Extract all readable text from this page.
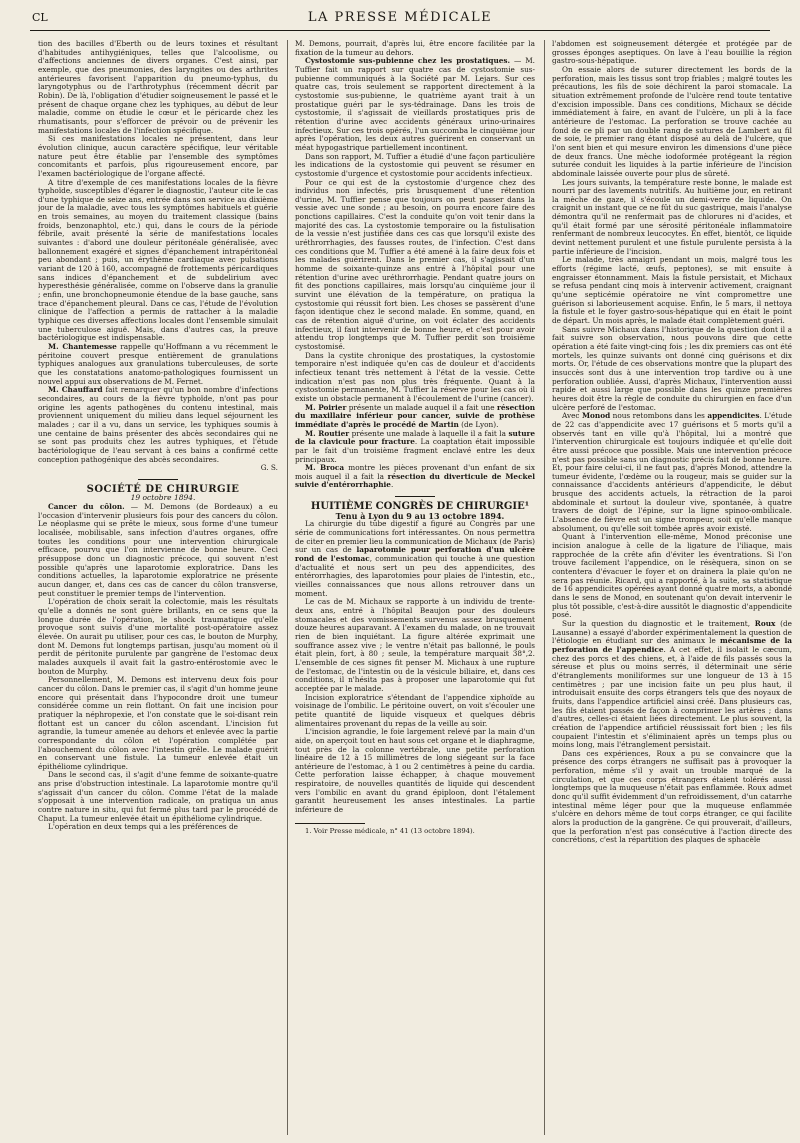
CL	LA PRESSE MÉDICALE

tion des bacilles d'Eberth ou de leurs toxines et résultant d'habitudes antihygiéniques, telles que l'alcoolisme, ou d'affections anciennes de divers organes. C'est ainsi, par exemple, que des pneumonies, des laryngites ou des arthrites antérieures favorisent l'apparition du pneumo-typhus, du laryngotyphus ou de l'arthrotyphus (récemment décrit par Robin). De là, l'obligation d'étudier soigneusement le passé et le présent de chaque organe chez les typhiques, au début de leur maladie, comme on étudie le cœur et le péricarde chez les rhumatisants, pour s'efforcer de prévoir ou de prévenir les manifestations locales de l'infection spécifique.

Si ces manifestations locales ne présentent, dans leur évolution clinique, aucun caractère spécifique, leur véritable nature peut être établie par l'ensemble des symptômes concomitants et parfois, plus rigoureusement encore, par l'examen bactériologique de l'organe affecté.

A titre d'exemple de ces manifestations locales de la fièvre typhoïde, susceptibles d'égarer le diagnostic, l'auteur cite le cas d'une typhique de seize ans, entrée dans son service au dixième jour de la maladie, avec tous les symptômes habituels et guérie en trois semaines, au moyen du traitement classique (bains froids, benzonaphtol, etc.) qui, dans le cours de la période fébrile, avait présenté la série de manifestations locales suivantes : d'abord une douleur péritonéale généralisée, avec ballonnement exagéré et signes d'épanchement intrapéritonéal peu abondant ; puis, un érythème cardiaque avec pulsations variant de 120 à 160, accompagné de frottements péricardiques sans indices d'épanchement et de subdelirium avec hyperesthésie généralisée, comme on l'observe dans la granulie ; enfin, une bronchopneumonie étendue de la base gauche, sans trace d'épanchement pleural. Dans ce cas, l'étude de l'évolution clinique de l'affection a permis de rattacher à la maladie typhique ces diverses affections locales dont l'ensemble simulait une tuberculose aiguë. Mais, dans d'autres cas, la preuve bactériologique est indispensable.

M. Chantemesse rappelle qu'Hoffmann a vu récemment le péritoine couvert presque entièrement de granulations typhiques analogues aux granulations tuberculeuses, de sorte que les constatations anatomo-pathologiques fournissent un nouvel appui aux observations de M. Fernet.

M. Chauffard fait remarquer qu'un bon nombre d'infections secondaires, au cours de la fièvre typhoïde, n'ont pas pour origine les agents pathogènes du contenu intestinal, mais proviennent uniquement du milieu dans lequel séjournent les malades ; car il a vu, dans un service, les typhiques soumis à une centaine de bains présenter des abcès secondaires qui ne se sont pas produits chez les autres typhiques, et l'étude bactériologique de l'eau servant à ces bains a confirmé cette conception pathogénique des abcès secondaires.

G. S.

SOCIÉTÉ DE CHIRURGIE

19 octobre 1894.

Cancer du côlon. — M. Demons (de Bordeaux) a eu l'occasion d'intervenir plusieurs fois pour des cancers du côlon. Le néoplasme qui se prête le mieux, sous forme d'une tumeur localisée, mobilisable, sans infection d'autres organes, offre toutes les conditions pour une intervention chirurgicale efficace, pourvu que l'on intervienne de bonne heure. Ceci présuppose donc un diagnostic précoce, qui souvent n'est possible qu'après une laparotomie exploratrice. Dans les conditions actuelles, la laparotomie exploratrice ne présente aucun danger, et, dans ces cas de cancer du côlon transverse, peut constituer le premier temps de l'intervention.

L'opération de choix serait la colectomie, mais les résultats qu'elle a donnés ne sont guère brillants, en ce sens que la longue durée de l'opération, le shock traumatique qu'elle provoque sont suivis d'une mortalité post-opératoire assez élevée. On aurait pu utiliser, pour ces cas, le bouton de Murphy, dont M. Demons fut longtemps partisan, jusqu'au moment où il perdit de péritonite purulente par gangrène de l'estomac deux malades auxquels il avait fait la gastro-entérostomie avec le bouton de Murphy.

Personnellement, M. Demons est intervenu deux fois pour cancer du côlon. Dans le premier cas, il s'agit d'un homme jeune encore qui présentait dans l'hypocondre droit une tumeur considérée comme un rein flottant. On fait une incision pour pratiquer la néphropexie, et l'on constate que le soi-disant rein flottant est un cancer du côlon ascendant. L'incision fut agrandie, la tumeur amenée au dehors et enlevée avec la partie correspondante du côlon et l'opération complétée par l'abouchement du côlon avec l'intestin grêle. Le malade guérit en conservant une fistule. La tumeur enlevée était un épithéliome cylindrique.

Dans le second cas, il s'agit d'une femme de soixante-quatre ans prise d'obstruction intestinale. La laparotomie montre qu'il s'agissait d'un cancer du côlon. Comme l'état de la malade s'opposait à une intervention radicale, on pratiqua un anus contre nature in situ, qui fut fermé plus tard par le procédé de Chaput. La tumeur enlevée était un épithéliome cylindrique.

L'opération en deux temps qui a les préférences de

M. Demons, pourrait, d'après lui, être encore facilitée par la fixation de la tumeur au dehors.

Cystostomie sus-pubienne chez les prostatiques. — M. Tuffier fait un rapport sur quatre cas de cystostomie sus-pubienne communiqués à la Société par M. Lejars. Sur ces quatre cas, trois seulement se rapportent directement à la cystostomie sus-pubienne, le quatrième ayant trait à un prostatique guéri par le sys-tédrainage. Dans les trois de cystostomie, il s'agissait de vieillards prostatiques pris de rétention d'urine avec accidents généraux urino-urinaires infectieux. Sur ces trois opérés, l'un succomba le cinquième jour après l'opération, les deux autres guérirent en conservant un méat hypogastrique partiellement incontinent.

Dans son rapport, M. Tuffier a étudié d'une façon particulière les indications de la cystostomie qui peuvent se résumer en cystostomie d'urgence et cystostomie pour accidents infectieux.

Pour ce qui est de la cystostomie d'urgence chez des individus non infectés, pris brusquement d'une rétention d'urine, M. Tuffier pense que toujours on peut passer dans la vessie avec une sonde ; au besoin, on pourra encore faire des ponctions capillaires. C'est la conduite qu'on voit tenir dans la majorité des cas. La cystostomie temporaire ou la fistulisation de la vessie n'est justifiée dans ces cas que lorsqu'il existe des uréthrorrhagies, des fausses routes, de l'infection. C'est dans ces conditions que M. Tuffier a été amené à la faire deux fois et les malades guérirent. Dans le premier cas, il s'agissait d'un homme de soixante-quinze ans entré à l'hôpital pour une rétention d'urine avec uréthrorrhagie. Pendant quatre jours on fit des ponctions capillaires, mais lorsqu'au cinquième jour il survint une élévation de la température, on pratiqua la cystostomie qui réussit fort bien. Les choses se passèrent d'une façon identique chez le second malade. En somme, quand, en cas de rétention aiguë d'urine, on voit éclater des accidents infectieux, il faut intervenir de bonne heure, et c'est pour avoir attendu trop longtemps que M. Tuffier perdit son troisième cystostomisé.

Dans la cystite chronique des prostatiques, la cystostomie temporaire n'est indiquée qu'en cas de douleur et d'accidents infectieux tenant très nettement à l'état de la vessie. Cette indication n'est pas non plus très fréquente. Quant à la cystostomie permanente, M. Tuffier la réserve pour les cas où il existe un obstacle permanent à l'écoulement de l'urine (cancer).

M. Poirier présente un malade auquel il a fait une résection du maxillaire inférieur pour cancer, suivie de prothèse immédiate d'après le procédé de Martin (de Lyon).

M. Routier présente une malade à laquelle il a fait la suture de la clavicule pour fracture. La coaptation était impossible par le fait d'un troisième fragment enclavé entre les deux principaux.

M. Broca montre les pièces provenant d'un enfant de six mois auquel il a fait la résection du diverticule de Meckel suivie d'entérorrhaphie.

HUITIÈME CONGRÈS DE CHIRURGIE¹

Tenu à Lyon du 9 au 13 octobre 1894.

La chirurgie du tube digestif a figuré au Congrès par une série de communications fort intéressantes. On nous permettra de citer en premier lieu la communication de Michaux (de Paris) sur un cas de laparotomie pour perforation d'un ulcère rond de l'estomac, communication qui touche à une question d'actualité et nous sert un peu des appendicites, des entérorrhagies, des laparotomies pour plaies de l'intestin, etc., vieilles connaissances que nous allons retrouver dans un moment.

Le cas de M. Michaux se rapporte à un individu de trente-deux ans, entré à l'hôpital Beaujon pour des douleurs stomacales et des vomissements survenus assez brusquement douze heures auparavant. A l'examen du malade, on ne trouvait rien de bien inquiétant. La figure altérée exprimait une souffrance assez vive ; le ventre n'était pas ballonné, le pouls était plein, fort, à 80 ; seule, la température marquait 38°,2. L'ensemble de ces signes fit penser M. Michaux à une rupture de l'estomac, de l'intestin ou de la vésicule biliaire, et, dans ces conditions, il n'hésita pas à proposer une laparotomie qui fut acceptée par le malade.

Incision exploratrice s'étendant de l'appendice xiphoïde au voisinage de l'ombilic. Le péritoine ouvert, on voit s'écouler une petite quantité de liquide visqueux et quelques débris alimentaires provenant du repas de la veille au soir.

L'incision agrandie, le foie largement relevé par la main d'un aide, on aperçoit tout en haut sous cet organe et le diaphragme, tout près de la colonne vertébrale, une petite perforation linéaire de 12 à 15 millimètres de long siégeant sur la face antérieure de l'estomac, à 1 ou 2 centimètres à peine du cardia. Cette perforation laisse échapper, à chaque mouvement respiratoire, de nouvelles quantités de liquide qui descendent vers l'ombilic en avant du grand épiploon, dont l'étalement garantit heureusement les anses intestinales. La partie inférieure de

1. Voir Presse médicale, n° 41 (13 octobre 1894).

l'abdomen est soigneusement détergée et protégée par de grosses éponges aseptiques. On lave à l'eau bouillie la région gastro-sous-hépatique.

On essaie alors de suturer directement les bords de la perforation, mais les tissus sont trop friables ; malgré toutes les précautions, les fils de soie déchirent la paroi stomacale. La situation extrêmement profonde de l'ulcère rend toute tentative d'excision impossible. Dans ces conditions, Michaux se décide immédiatement à faire, en avant de l'ulcère, un pli à la face antérieure de l'estomac. La perforation se trouve cachée au fond de ce pli par un double rang de sutures de Lambert au fil de soie, le premier rang étant disposé au delà de l'ulcère, que l'on sent bien et qui mesure environ les dimensions d'une pièce de deux francs. Une mèche iodoformée protégeant la région suturée conduit les liquides à la partie inférieure de l'incision abdominale laissée ouverte pour plus de sûreté.

Les jours suivants, la température reste bonne, le malade est nourri par des lavements nutritifs. Au huitième jour, en retirant la mèche de gaze, il s'écoule un demi-verre de liquide. On craignit un instant que ce ne fût du suc gastrique, mais l'analyse démontra qu'il ne renfermait pas de chlorures ni d'acides, et qu'il était formé par une sérosité péritonéale inflammatoire renfermant de nombreux leucocytes. En effet, bientôt, ce liquide devint nettement purulent et une fistule purulente persista à la partie inférieure de l'incision.

Le malade, très amaigri pendant un mois, malgré tous les efforts (régime lacté, œufs, peptones), se mit ensuite à engraisser étonnamment. Mais la fistule persistait, et Michaux se refusa pendant cinq mois à intervenir activement, craignant qu'une septicémie opératoire ne vînt compromettre une guérison si laborieusement acquise. Enfin, le 5 mars, il nettoya la fistule et le foyer gastro-sous-hépatique qui en était le point de départ. Un mois après, le malade était complètement guéri.

Sans suivre Michaux dans l'historique de la question dont il a fait suivre son observation, nous pouvons dire que cette opération a été faite vingt-cinq fois ; les dix premiers cas ont été mortels, les quinze suivants ont donné cinq guérisons et dix morts. Or, l'étude de ces observations montre que la plupart des insuccès sont dus à une intervention trop tardive ou à une perforation oubliée. Aussi, d'après Michaux, l'intervention aussi rapide et aussi large que possible dans les quinze premières heures doit être la règle de conduite du chirurgien en face d'un ulcère perforé de l'estomac.

Avec Monod nous retombons dans les appendicites. L'étude de 22 cas d'appendicite avec 17 guérisons et 5 morts qu'il a observés tant en ville qu'à l'hôpital, lui a montré que l'intervention chirurgicale est toujours indiquée et qu'elle doit être aussi précoce que possible. Mais une intervention précoce n'est pas possible sans un diagnostic précis fait de bonne heure. Et, pour faire celui-ci, il ne faut pas, d'après Monod, attendre la tumeur évidente, l'œdème ou la rougeur, mais se guider sur la connaissance d'accidents antérieurs d'appendicite, le début brusque des accidents actuels, la rétraction de la paroi abdominale et surtout la douleur vive, spontanée, à quatre travers de doigt de l'épine, sur la ligne spinoo-ombilicale. L'absence de fièvre est un signe trompeur, soit qu'elle manque absolument, ou qu'elle soit tombée après avoir existé.

Quant à l'intervention elle-même, Monod préconise une incision analogue à celle de la ligature de l'iliaque, mais rapprochée de la crête afin d'éviter les éventrations. Si l'on trouve facilement l'appendice, on le résèquera, sinon on se contentera d'évacuer le foyer et on drainera la plaie qu'on ne sera pas réunie. Ricard, qui a rapporté, à la suite, sa statistique de 16 appendicites opérées ayant donné quatre morts, a abondé dans le sens de Monod, en soutenant qu'on devait intervenir le plus tôt possible, c'est-à-dire aussitôt le diagnostic d'appendicite posé.

Sur la question du diagnostic et le traitement, Roux (de Lausanne) a essayé d'aborder expérimentalement la question de l'étiologie en étudiant sur des animaux le mécanisme de la perforation de l'appendice. A cet effet, il isolait le cæcum, chez des porcs et des chiens, et, à l'aide de fils passés sous la séreuse et plus ou moins serrés, il déterminait une série d'étranglements moniliformes sur une longueur de 13 à 15 centimètres ; par une incision faite un peu plus haut, il introduisait ensuite des corps étrangers tels que des noyaux de fruits, dans l'appendice artificiel ainsi créé. Dans plusieurs cas, les fils étaient passés de façon à comprimer les artères ; dans d'autres, celles-ci étaient liées directement. Le plus souvent, la création de l'appendice artificiel réussissait fort bien ; les fils coupaient l'intestin et s'éliminaient après un temps plus ou moins long, mais l'étranglement persistait.

Dans ces expériences, Roux a pu se convaincre que la présence des corps étrangers ne suffisait pas à provoquer la perforation, même s'il y avait un trouble marqué de la circulation, et que ces corps étrangers étaient tolérés aussi longtemps que la muqueuse n'était pas enflammée. Roux admet donc qu'il suffit évidemment d'un refroidissement, d'un catarrhe intestinal même léger pour que la muqueuse enflammée s'ulcère en dehors même de tout corps étranger, ce qui facilite alors la production de la gangrène. Ce qui prouverait, d'ailleurs, que la perforation n'est pas consécutive à l'action directe des concrétions, c'est la répartition des plaques de sphacèle
